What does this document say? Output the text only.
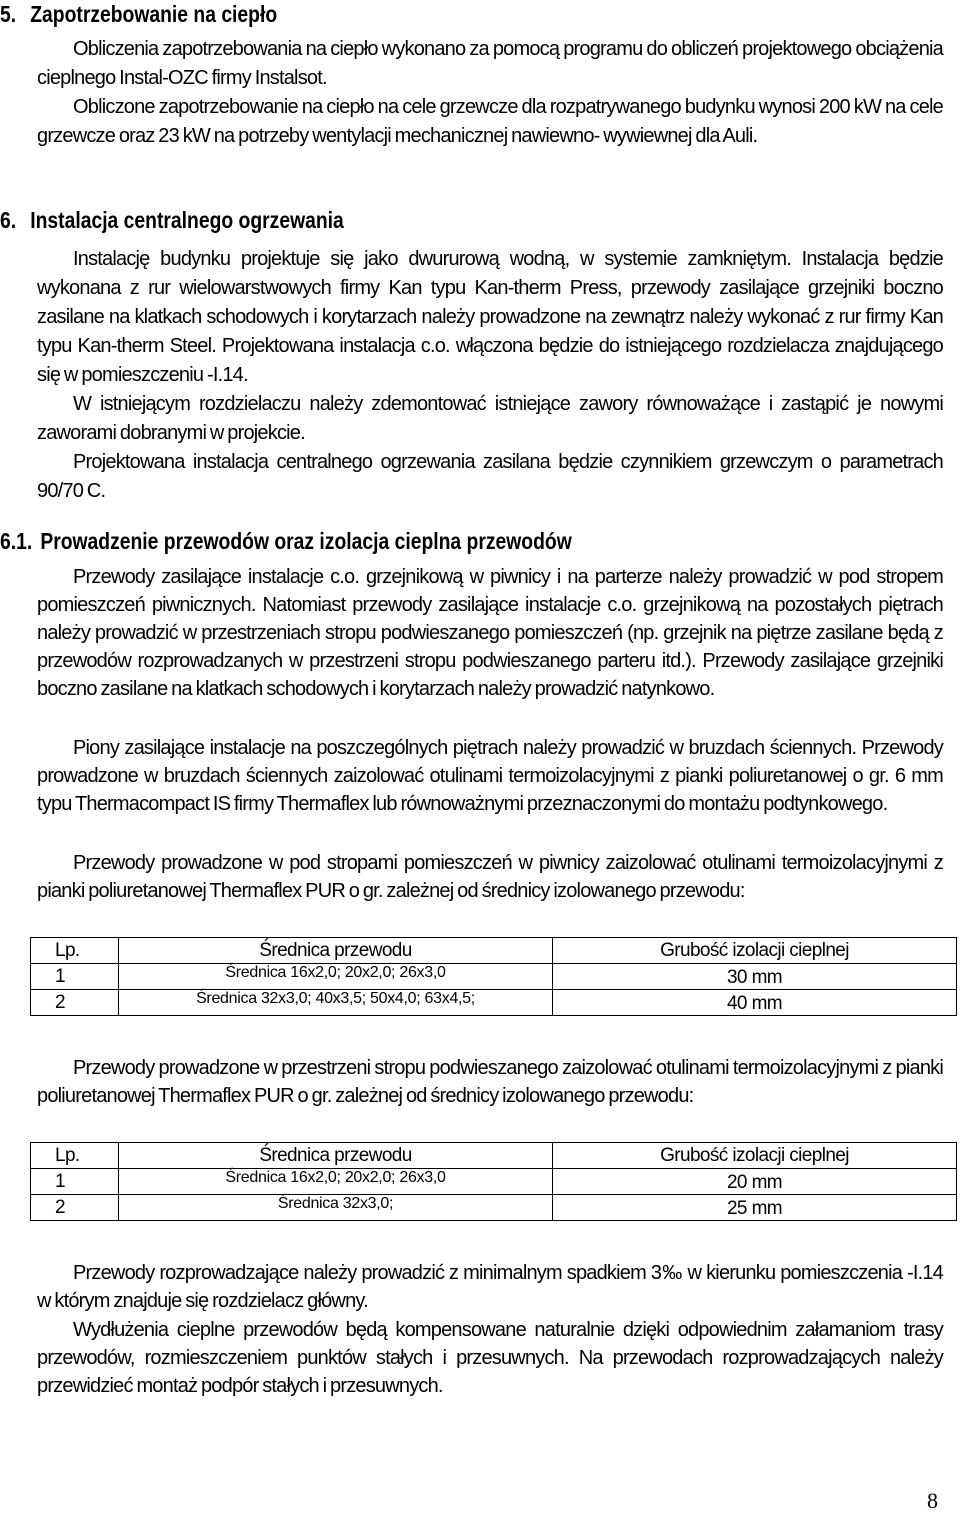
5. Zapotrzebowanie na ciepło

Obliczenia zapotrzebowania na ciepło wykonano za pomocą programu do obliczeń projektowego obciążenia cieplnego Instal-OZC firmy Instalsot.

Obliczone zapotrzebowanie na ciepło na cele grzewcze dla rozpatrywanego budynku wynosi 200 kW na cele grzewcze oraz 23 kW na potrzeby wentylacji mechanicznej nawiewno- wywiewnej dla Auli.

6. Instalacja centralnego ogrzewania

Instalację budynku projektuje się jako dwururową wodną, w systemie zamkniętym. Instalacja będzie wykonana z rur wielowarstwowych firmy Kan typu Kan-therm Press, przewody zasilające grzejniki boczno zasilane na klatkach schodowych i korytarzach należy prowadzone na zewnątrz należy wykonać z rur firmy Kan typu Kan-therm Steel. Projektowana instalacja c.o. włączona będzie do istniejącego rozdzielacza znajdującego się w pomieszczeniu -I.14.

W istniejącym rozdzielaczu należy zdemontować istniejące zawory równoważące i zastąpić je nowymi zaworami dobranymi w projekcie.

Projektowana instalacja centralnego ogrzewania zasilana będzie czynnikiem grzewczym o parametrach 90/70 C.

6.1. Prowadzenie przewodów oraz izolacja cieplna przewodów

Przewody zasilające instalacje c.o. grzejnikową w piwnicy i na parterze należy prowadzić w pod stropem pomieszczeń piwnicznych. Natomiast przewody zasilające instalacje c.o. grzejnikową na pozostałych piętrach należy prowadzić w przestrzeniach stropu podwieszanego pomieszczeń (np. grzejnik na piętrze zasilane będą z przewodów rozprowadzanych w przestrzeni stropu podwieszanego parteru itd.). Przewody zasilające grzejniki boczno zasilane na klatkach schodowych i korytarzach należy prowadzić natynkowo.

Piony zasilające instalacje na poszczególnych piętrach należy prowadzić w bruzdach ściennych. Przewody prowadzone w bruzdach ściennych zaizolować otulinami termoizolacyjnymi z pianki poliuretanowej o gr. 6 mm typu Thermacompact IS firmy Thermaflex lub równoważnymi przeznaczonymi do montażu podtynkowego.

Przewody prowadzone w pod stropami pomieszczeń w piwnicy zaizolować otulinami termoizolacyjnymi z pianki poliuretanowej Thermaflex PUR o gr. zależnej od średnicy izolowanego przewodu:

Lp.	Średnica przewodu	Grubość izolacji cieplnej
1	Średnica 16x2,0; 20x2,0; 26x3,0	30 mm
2	Średnica 32x3,0; 40x3,5; 50x4,0; 63x4,5;	40 mm

Przewody prowadzone w przestrzeni stropu podwieszanego zaizolować otulinami termoizolacyjnymi z pianki poliuretanowej Thermaflex PUR o gr. zależnej od średnicy izolowanego przewodu:

Lp.	Średnica przewodu	Grubość izolacji cieplnej
1	Średnica 16x2,0; 20x2,0; 26x3,0	20 mm
2	Średnica 32x3,0;	25 mm

Przewody rozprowadzające należy prowadzić z minimalnym spadkiem 3‰ w kierunku pomieszczenia -I.14 w którym znajduje się rozdzielacz główny.

Wydłużenia cieplne przewodów będą kompensowane naturalnie dzięki odpowiednim załamaniom trasy przewodów, rozmieszczeniem punktów stałych i przesuwnych. Na przewodach rozprowadzających należy przewidzieć montaż podpór stałych i przesuwnych.

8
